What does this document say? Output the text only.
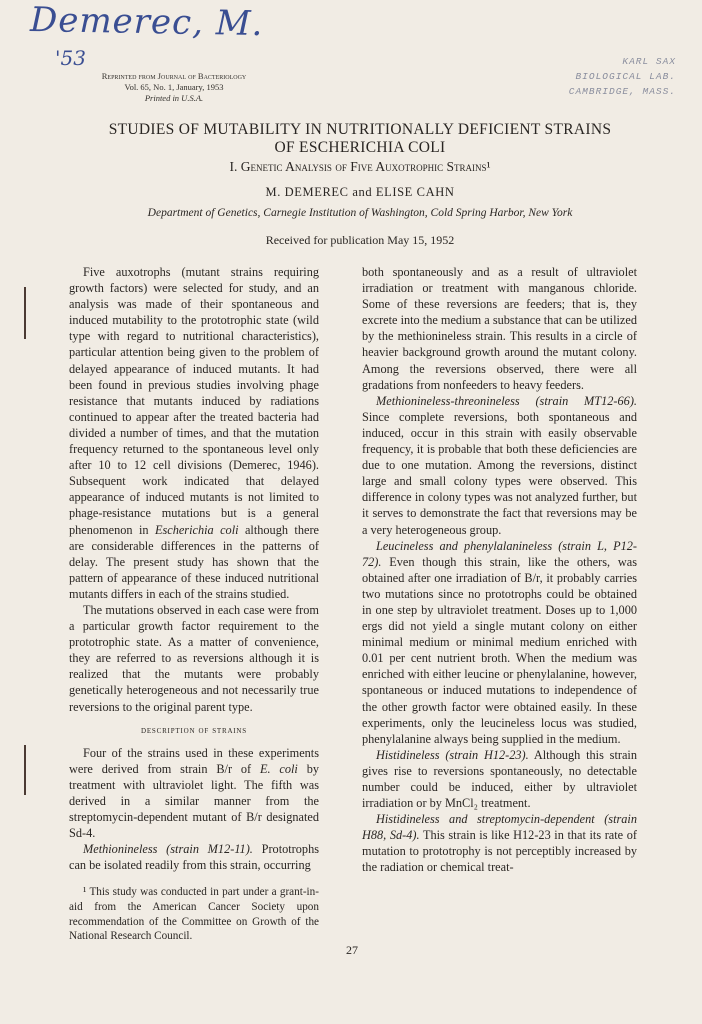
Demerec, M.
'53	KARL SAX
BIOLOGICAL LAB.
CAMBRIDGE, MASS.
Reprinted from Journal of Bacteriology
Vol. 65, No. 1, January, 1953
Printed in U.S.A.
STUDIES OF MUTABILITY IN NUTRITIONALLY DEFICIENT STRAINS
OF ESCHERICHIA COLI
I. Genetic Analysis of Five Auxotrophic Strains¹
M. DEMEREC and ELISE CAHN
Department of Genetics, Carnegie Institution of Washington, Cold Spring Harbor, New York
Received for publication May 15, 1952

Five auxotrophs (mutant strains requiring growth factors) were selected for study, and an analysis was made of their spontaneous and induced mutability to the prototrophic state (wild type with regard to nutritional characteristics), particular attention being given to the problem of delayed appearance of induced mutants. It had been found in previous studies involving phage resistance that mutants induced by radiations continued to appear after the treated bacteria had divided a number of times, and that the mutation frequency returned to the spontaneous level only after 10 to 12 cell divisions (Demerec, 1946). Subsequent work indicated that delayed appearance of induced mutants is not limited to phage-resistance mutations but is a general phenomenon in Escherichia coli although there are considerable differences in the patterns of delay. The present study has shown that the pattern of appearance of these induced nutritional mutants differs in each of the strains studied.

The mutations observed in each case were from a particular growth factor requirement to the prototrophic state. As a matter of convenience, they are referred to as reversions although it is realized that the mutants were probably genetically heterogeneous and not necessarily true reversions to the original parent type.

description of strains

Four of the strains used in these experiments were derived from strain B/r of E. coli by treatment with ultraviolet light. The fifth was derived in a similar manner from the streptomycin-dependent mutant of B/r designated Sd-4.

Methionineless (strain M12-11). Prototrophs can be isolated readily from this strain, occurring

¹ This study was conducted in part under a grant-in-aid from the American Cancer Society upon recommendation of the Committee on Growth of the National Research Council.

both spontaneously and as a result of ultraviolet irradiation or treatment with manganous chloride. Some of these reversions are feeders; that is, they excrete into the medium a substance that can be utilized by the methionineless strain. This results in a circle of heavier background growth around the mutant colony. Among the reversions observed, there were all gradations from nonfeeders to heavy feeders.

Methionineless-threonineless (strain MT12-66). Since complete reversions, both spontaneous and induced, occur in this strain with easily observable frequency, it is probable that both these deficiencies are due to one mutation. Among the reversions, distinct large and small colony types were observed. This difference in colony types was not analyzed further, but it serves to demonstrate the fact that reversions may be a very heterogeneous group.

Leucineless and phenylalanineless (strain L, P12-72). Even though this strain, like the others, was obtained after one irradiation of B/r, it probably carries two mutations since no prototrophs could be obtained in one step by ultraviolet treatment. Doses up to 1,000 ergs did not yield a single mutant colony on either minimal medium or minimal medium enriched with 0.01 per cent nutrient broth. When the medium was enriched with either leucine or phenylalanine, however, spontaneous or induced mutations to independence of the other growth factor were obtained easily. In these experiments, only the leucineless locus was studied, phenylalanine always being supplied in the medium.

Histidineless (strain H12-23). Although this strain gives rise to reversions spontaneously, no detectable number could be induced, either by ultraviolet irradiation or by MnCl₂ treatment.

Histidineless and streptomycin-dependent (strain H88, Sd-4). This strain is like H12-23 in that its rate of mutation to prototrophy is not perceptibly increased by the radiation or chemical treat-

27
